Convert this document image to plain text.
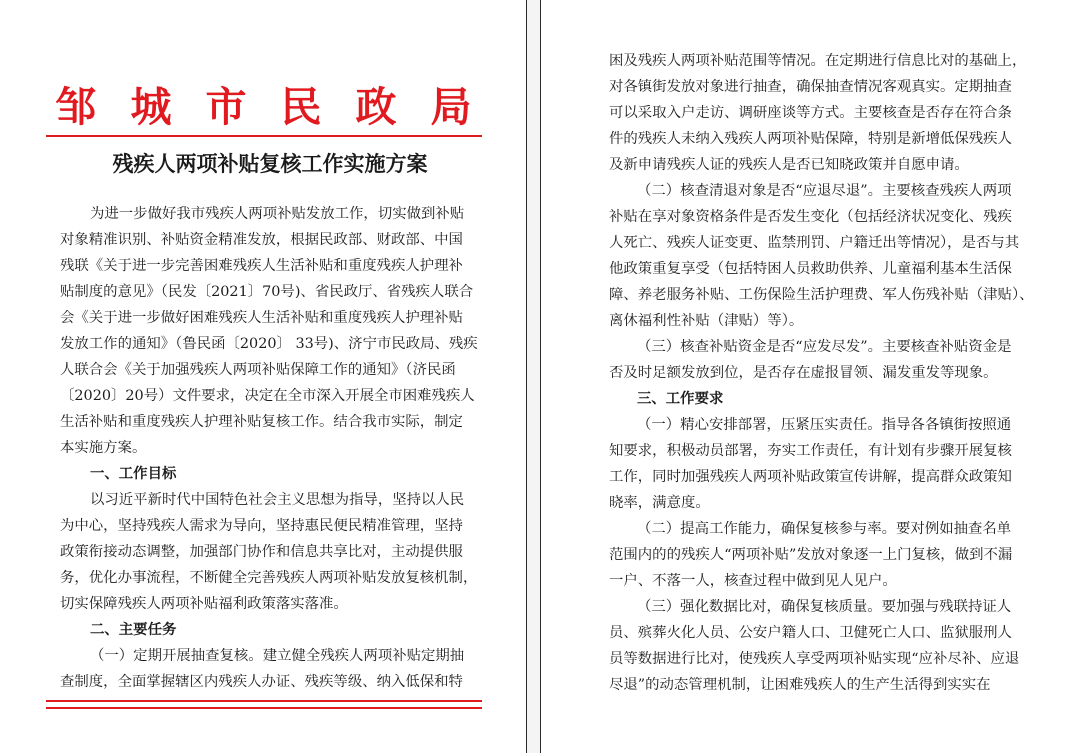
邹城市民政局
残疾人两项补贴复核工作实施方案
为进一步做好我市残疾人两项补贴发放工作，切实做到补贴
对象精准识别、补贴资金精准发放，根据民政部、财政部、中国
残联《关于进一步完善困难残疾人生活补贴和重度残疾人护理补
贴制度的意见》（民发〔2021〕70号)、省民政厅、省残疾人联合
会《关于进一步做好困难残疾人生活补贴和重度残疾人护理补贴
发放工作的通知》（鲁民函〔2020〕 33号)、济宁市民政局、残疾
人联合会《关于加强残疾人两项补贴保障工作的通知》（济民函
〔2020〕20号）文件要求，决定在全市深入开展全市困难残疾人
生活补贴和重度残疾人护理补贴复核工作。结合我市实际，制定
本实施方案。
一、工作目标
以习近平新时代中国特色社会主义思想为指导，坚持以人民
为中心，坚持残疾人需求为导向，坚持惠民便民精准管理，坚持
政策衔接动态调整，加强部门协作和信息共享比对，主动提供服
务，优化办事流程，不断健全完善残疾人两项补贴发放复核机制，
切实保障残疾人两项补贴福利政策落实落准。
二、主要任务
（一）定期开展抽查复核。建立健全残疾人两项补贴定期抽
查制度，全面掌握辖区内残疾人办证、残疾等级、纳入低保和特
困及残疾人两项补贴范围等情况。在定期进行信息比对的基础上，
对各镇街发放对象进行抽查，确保抽查情况客观真实。定期抽查
可以采取入户走访、调研座谈等方式。主要核查是否存在符合条
件的残疾人未纳入残疾人两项补贴保障，特别是新增低保残疾人
及新申请残疾人证的残疾人是否已知晓政策并自愿申请。
（二）核查清退对象是否“应退尽退”。主要核查残疾人两项
补贴在享对象资格条件是否发生变化（包括经济状况变化、残疾
人死亡、残疾人证变更、监禁刑罚、户籍迁出等情况），是否与其
他政策重复享受（包括特困人员救助供养、儿童福利基本生活保
障、养老服务补贴、工伤保险生活护理费、军人伤残补贴（津贴）、
离休福利性补贴（津贴）等）。
（三）核查补贴资金是否“应发尽发”。主要核查补贴资金是
否及时足额发放到位，是否存在虚报冒领、漏发重发等现象。
三、工作要求
（一）精心安排部署，压紧压实责任。指导各各镇街按照通
知要求，积极动员部署，夯实工作责任，有计划有步骤开展复核
工作，同时加强残疾人两项补贴政策宣传讲解，提高群众政策知
晓率，满意度。
（二）提高工作能力，确保复核参与率。要对例如抽查名单
范围内的的残疾人“两项补贴”发放对象逐一上门复核，做到不漏
一户、不落一人，核查过程中做到见人见户。
（三）强化数据比对，确保复核质量。要加强与残联持证人
员、殡葬火化人员、公安户籍人口、卫健死亡人口、监狱服刑人
员等数据进行比对，使残疾人享受两项补贴实现“应补尽补、应退
尽退”的动态管理机制，让困难残疾人的生产生活得到实实在
